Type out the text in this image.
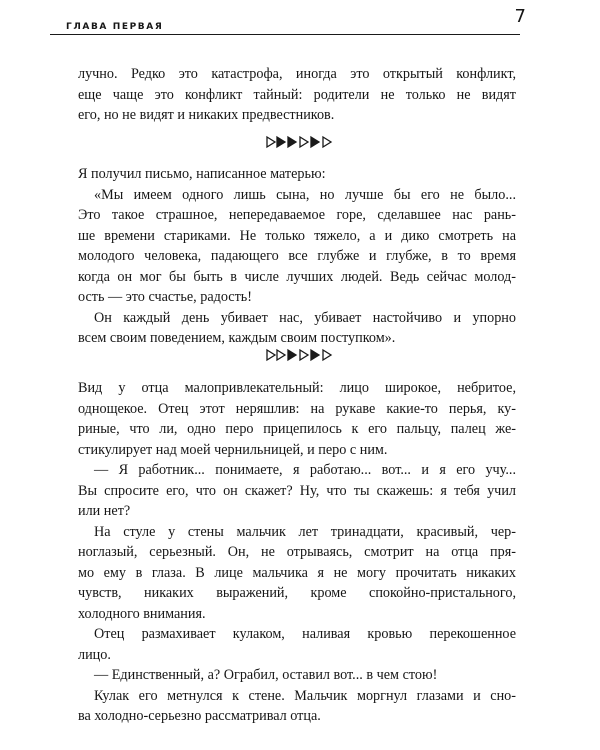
ГЛАВА ПЕРВАЯ	7
лучно. Редко это катастрофа, иногда это открытый конфликт,
еще чаще это конфликт тайный: родители не только не видят
его, но не видят и никаких предвестников.
Я получил письмо, написанное матерью:
«Мы имеем одного лишь сына, но лучше бы его не было...
Это такое страшное, непередаваемое горе, сделавшее нас рань-
ше времени стариками. Не только тяжело, а и дико смотреть на
молодого человека, падающего все глубже и глубже, в то время
когда он мог бы быть в числе лучших людей. Ведь сейчас молод-
ость — это счастье, радость!
Он каждый день убивает нас, убивает настойчиво и упорно
всем своим поведением, каждым своим поступком».
Вид у отца малопривлекательный: лицо широкое, небритое,
однощекое. Отец этот неряшлив: на рукаве какие-то перья, ку-
риные, что ли, одно перо прицепилось к его пальцу, палец же-
стикулирует над моей чернильницей, и перо с ним.
— Я работник... понимаете, я работаю... вот... и я его учу...
Вы спросите его, что он скажет? Ну, что ты скажешь: я тебя учил
или нет?
На стуле у стены мальчик лет тринадцати, красивый, чер-
ноглазый, серьезный. Он, не отрываясь, смотрит на отца пря-
мо ему в глаза. В лице мальчика я не могу прочитать никаких
чувств, никаких выражений, кроме спокойно-пристального,
холодного внимания.
Отец размахивает кулаком, наливая кровью перекошенное
лицо.
— Единственный, а? Ограбил, оставил вот... в чем стою!
Кулак его метнулся к стене. Мальчик моргнул глазами и сно-
ва холодно-серьезно рассматривал отца.
